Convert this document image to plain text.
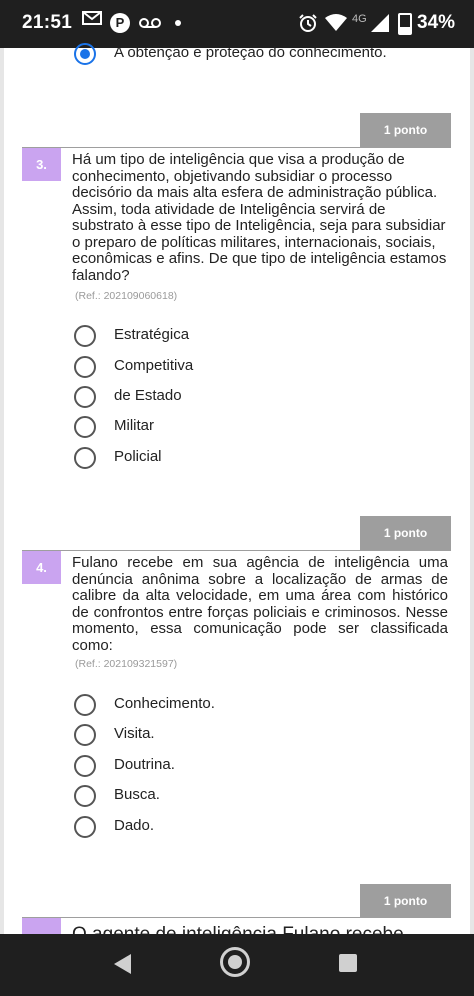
21:51	P	4G	34%
A obtenção e proteção do conhecimento.
1 ponto
3.	Há um tipo de inteligência que visa a produção de conhecimento, objetivando subsidiar o processo decisório da mais alta esfera de administração pública. Assim, toda atividade de Inteligência servirá de substrato à esse tipo de Inteligência, seja para subsidiar o preparo de políticas militares, internacionais, sociais, econômicas e afins. De que tipo de inteligência estamos falando?
(Ref.: 202109060618)
Estratégica
Competitiva
de Estado
Militar
Policial
1 ponto
4.	Fulano recebe em sua agência de inteligência uma denúncia anônima sobre a localização de armas de calibre da alta velocidade, em uma área com histórico de confrontos entre forças policiais e criminosos. Nesse momento, essa comunicação pode ser classificada como:
(Ref.: 202109321597)
Conhecimento.
Visita.
Doutrina.
Busca.
Dado.
1 ponto
